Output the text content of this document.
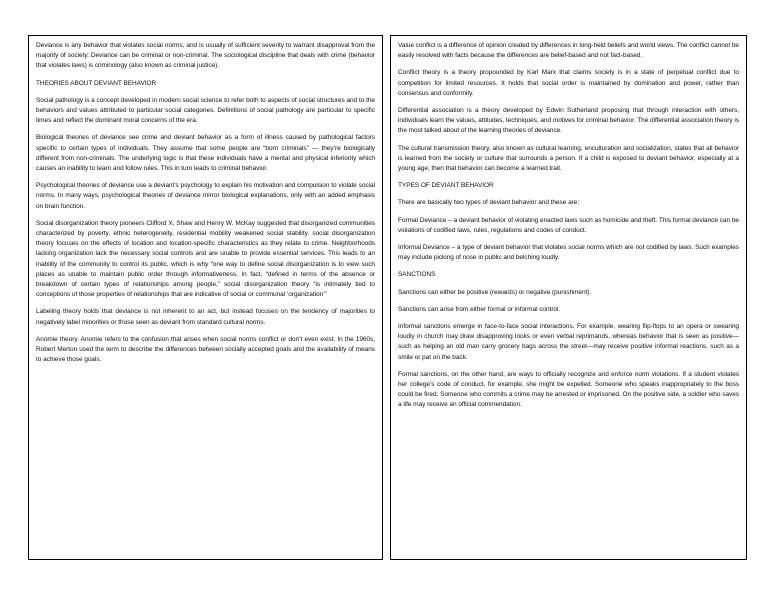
Deviance is any behavior that violates social norms, and is usually of sufficient severity to warrant disapproval from the majority of society. Deviance can be criminal or non-criminal. The sociological discipline that deals with crime (behavior that violates laws) is criminology (also known as criminal justice).

THEORIES ABOUT DEVIANT BEHAVIOR

Social pathology is a concept developed in modern social science to refer both to aspects of social structures and to the behaviors and values attributed to particular social categories. Definitions of social pathology are particular to specific times and reflect the dominant moral concerns of the era.

Biological theories of deviance see crime and deviant behavior as a form of illness caused by pathological factors specific to certain types of individuals. They assume that some people are “born criminals” — they’re biologically different from non-criminals. The underlying logic is that these individuals have a mental and physical inferiority which causes an inability to learn and follow rules. This in turn leads to criminal behavior.

Psychological theories of deviance use a deviant’s psychology to explain his motivation and compulsion to violate social norms. In many ways, psychological theories of deviance mirror biological explanations, only with an added emphasis on brain function.

Social disorganization theory pioneers Clifford X. Shaw and Henry W. McKay suggested that disorganized communities characterized by poverty, ethnic heterogeneity, residential mobility weakened social stability. social disorganization theory focuses on the effects of location and location-specific characteristics as they relate to crime. Neighborhoods lacking organization lack the necessary social controls and are unable to provide essential services. This leads to an inability of the community to control its public, which is why “one way to define social disorganization is to view such places as unable to maintain public order through informativeness. In fact, “defined in terms of the absence or breakdown of certain types of relationships among people,” social disorganization theory “is intimately tied to conceptions of those properties of relationships that are indicative of social or communal ‘organization’”

Labeling theory holds that deviance is not inherent to an act, but instead focuses on the tendency of majorities to negatively label minorities or those seen as deviant from standard cultural norms.

Anomie theory. Anomie refers to the confusion that arises when social norms conflict or don’t even exist. In the 1960s, Robert Merton used the term to describe the differences between socially accepted goals and the availability of means to achieve those goals.

Value conflict is a difference of opinion created by differences in long-held beliefs and world views. The conflict cannot be easily resolved with facts because the differences are belief-based and not fact-based.

Conflict theory is a theory propounded by Karl Marx that claims society is in a state of perpetual conflict due to competition for limited resources. It holds that social order is maintained by domination and power, rather than consensus and conformity.

Differential association is a theory developed by Edwin Sutherland proposing that through interaction with others, individuals learn the values, attitudes, techniques, and motives for criminal behavior. The differential association theory is the most talked about of the learning theories of deviance.

The cultural transmission theory, also known as cultural learning, enculturation and socialization, states that all behavior is learned from the society or culture that surrounds a person. If a child is exposed to deviant behavior, especially at a young age, then that behavior can become a learned trait.

TYPES OF DEVIANT BEHAVIOR

There are basically two types of deviant behavior and these are:

Formal Deviance – a deviant behavior of violating enacted laws such as homicide and theft. This formal deviance can be violations of codified laws, rules, regulations and codes of conduct.

Informal Deviance – a type of deviant behavior that violates social norms which are not codified by laws. Such examples may include picking of nose in public and belching loudly.

SANCTIONS

Sanctions can either be positive (rewards) or negative (punishment).

Sanctions can arise from either formal or informal control.

Informal sanctions emerge in face-to-face social interactions. For example, wearing flip-flops to an opera or swearing loudly in church may draw disapproving looks or even verbal reprimands, whereas behavior that is seen as positive—such as helping an old man carry grocery bags across the street—may receive positive informal reactions, such as a smile or pat on the back.

Formal sanctions, on the other hand, are ways to officially recognize and enforce norm violations. If a student violates her college’s code of conduct, for example, she might be expelled. Someone who speaks inappropriately to the boss could be fired. Someone who commits a crime may be arrested or imprisoned. On the positive side, a soldier who saves a life may receive an official commendation.
